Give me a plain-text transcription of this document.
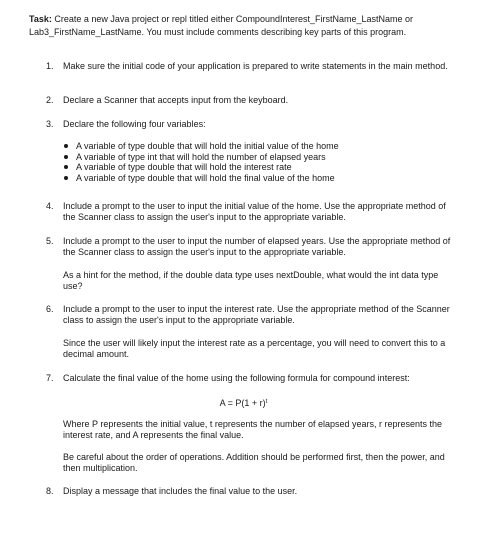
Task: Create a new Java project or repl titled either CompoundInterest_FirstName_LastName or Lab3_FirstName_LastName. You must include comments describing key parts of this program.
1. Make sure the initial code of your application is prepared to write statements in the main method.
2. Declare a Scanner that accepts input from the keyboard.
3. Declare the following four variables:
A variable of type double that will hold the initial value of the home
A variable of type int that will hold the number of elapsed years
A variable of type double that will hold the interest rate
A variable of type double that will hold the final value of the home
4. Include a prompt to the user to input the initial value of the home. Use the appropriate method of the Scanner class to assign the user's input to the appropriate variable.
5. Include a prompt to the user to input the number of elapsed years. Use the appropriate method of the Scanner class to assign the user's input to the appropriate variable.
As a hint for the method, if the double data type uses nextDouble, what would the int data type use?
6. Include a prompt to the user to input the interest rate. Use the appropriate method of the Scanner class to assign the user's input to the appropriate variable.
Since the user will likely input the interest rate as a percentage, you will need to convert this to a decimal amount.
7. Calculate the final value of the home using the following formula for compound interest:
$A = P(1 + r)^t$
Where P represents the initial value, t represents the number of elapsed years, r represents the interest rate, and A represents the final value.
Be careful about the order of operations. Addition should be performed first, then the power, and then multiplication.
8. Display a message that includes the final value to the user.
